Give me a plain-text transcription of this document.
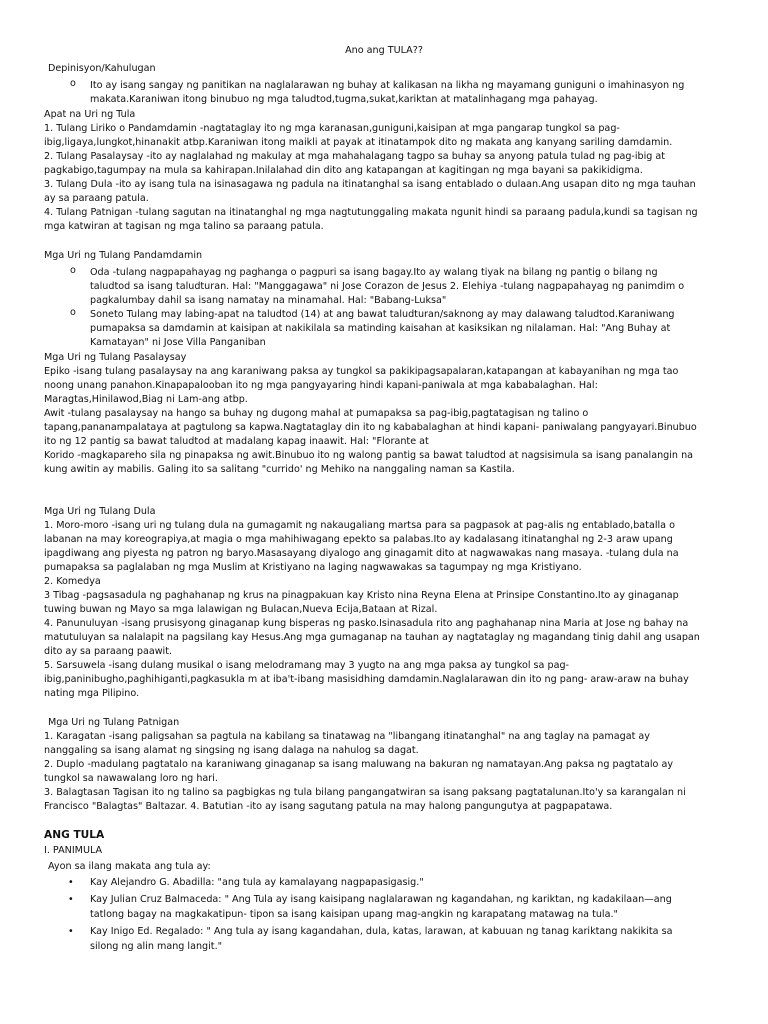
Ano ang TULA??
Depinisyon/Kahulugan
o Ito ay isang sangay ng panitikan na naglalarawan ng buhay at kalikasan na likha ng mayamang guniguni o imahinasyon ng
makata.Karaniwan itong binubuo ng mga taludtod,tugma,sukat,kariktan at matalinhagang mga pahayag.
Apat na Uri ng Tula
1. Tulang Liriko o Pandamdamin -nagtataglay ito ng mga karanasan,guniguni,kaisipan at mga pangarap tungkol sa pag-
ibig,ligaya,lungkot,hinanakit atbp.Karaniwan itong maikli at payak at itinatampok dito ng makata ang kanyang sariling damdamin.
2. Tulang Pasalaysay -ito ay naglalahad ng makulay at mga mahahalagang tagpo sa buhay sa anyong patula tulad ng pag-ibig at
pagkabigo,tagumpay na mula sa kahirapan.Inilalahad din dito ang katapangan at kagitingan ng mga bayani sa pakikidigma.
3. Tulang Dula -ito ay isang tula na isinasagawa ng padula na itinatanghal sa isang entablado o dulaan.Ang usapan dito ng mga tauhan
ay sa paraang patula.
4. Tulang Patnigan -tulang sagutan na itinatanghal ng mga nagtutunggaling makata ngunit hindi sa paraang padula,kundi sa tagisan ng
mga katwiran at tagisan ng mga talino sa paraang patula.
Mga Uri ng Tulang Pandamdamin
o Oda -tulang nagpapahayag ng paghanga o pagpuri sa isang bagay.Ito ay walang tiyak na bilang ng pantig o bilang ng
taludtod sa isang taludturan. Hal: "Manggagawa" ni Jose Corazon de Jesus 2. Elehiya -tulang nagpapahayag ng panimdim o
pagkalumbay dahil sa isang namatay na minamahal. Hal: "Babang-Luksa"
o Soneto Tulang may labing-apat na taludtod (14) at ang bawat taludturan/saknong ay may dalawang taludtod.Karaniwang
pumapaksa sa damdamin at kaisipan at nakikilala sa matinding kaisahan at kasiksikan ng nilalaman. Hal: "Ang Buhay at
Kamatayan" ni Jose Villa Panganiban
Mga Uri ng Tulang Pasalaysay
Epiko -isang tulang pasalaysay na ang karaniwang paksa ay tungkol sa pakikipagsapalaran,katapangan at kabayanihan ng mga tao
noong unang panahon.Kinapapalooban ito ng mga pangyayaring hindi kapani-paniwala at mga kababalaghan. Hal:
Maragtas,Hinilawod,Biag ni Lam-ang atbp.
Awit -tulang pasalaysay na hango sa buhay ng dugong mahal at pumapaksa sa pag-ibig,pagtatagisan ng talino o
tapang,pananampalataya at pagtulong sa kapwa.Nagtataglay din ito ng kababalaghan at hindi kapani- paniwalang pangyayari.Binubuo
ito ng 12 pantig sa bawat taludtod at madalang kapag inaawit. Hal: "Florante at
Korido -magkapareho sila ng pinapaksa ng awit.Binubuo ito ng walong pantig sa bawat taludtod at nagsisimula sa isang panalangin na
kung awitin ay mabilis. Galing ito sa salitang "currido' ng Mehiko na nanggaling naman sa Kastila.
Mga Uri ng Tulang Dula
1. Moro-moro -isang uri ng tulang dula na gumagamit ng nakaugaliang martsa para sa pagpasok at pag-alis ng entablado,batalla o
labanan na may koreograpiya,at magia o mga mahihiwagang epekto sa palabas.Ito ay kadalasang itinatanghal ng 2-3 araw upang
ipagdiwang ang piyesta ng patron ng baryo.Masasayang diyalogo ang ginagamit dito at nagwawakas nang masaya. -tulang dula na
pumapaksa sa paglalaban ng mga Muslim at Kristiyano na laging nagwawakas sa tagumpay ng mga Kristiyano.
2. Komedya
3 Tibag -pagsasadula ng paghahanap ng krus na pinagpakuan kay Kristo nina Reyna Elena at Prinsipe Constantino.Ito ay ginaganap
tuwing buwan ng Mayo sa mga lalawigan ng Bulacan,Nueva Ecija,Bataan at Rizal.
4. Panunuluyan -isang prusisyong ginaganap kung bisperas ng pasko.Isinasadula rito ang paghahanap nina Maria at Jose ng bahay na
matutuluyan sa nalalapit na pagsilang kay Hesus.Ang mga gumaganap na tauhan ay nagtataglay ng magandang tinig dahil ang usapan
dito ay sa paraang paawit.
5. Sarsuwela -isang dulang musikal o isang melodramang may 3 yugto na ang mga paksa ay tungkol sa pag-
ibig,paninibugho,paghihiganti,pagkasukla m at iba't-ibang masisidhing damdamin.Naglalarawan din ito ng pang- araw-araw na buhay
nating mga Pilipino.
Mga Uri ng Tulang Patnigan
1. Karagatan -isang paligsahan sa pagtula na kabilang sa tinatawag na "libangang itinatanghal" na ang taglay na pamagat ay
nanggaling sa isang alamat ng singsing ng isang dalaga na nahulog sa dagat.
2. Duplo -madulang pagtatalo na karaniwang ginaganap sa isang maluwang na bakuran ng namatayan.Ang paksa ng pagtatalo ay
tungkol sa nawawalang loro ng hari.
3. Balagtasan Tagisan ito ng talino sa pagbigkas ng tula bilang pangangatwiran sa isang paksang pagtatalunan.Ito'y sa karangalan ni
Francisco "Balagtas" Baltazar. 4. Batutian -ito ay isang sagutang patula na may halong pangungutya at pagpapatawa.
ANG TULA
I. PANIMULA
Ayon sa ilang makata ang tula ay:
• Kay Alejandro G. Abadilla: "ang tula ay kamalayang nagpapasigasig."
• Kay Julian Cruz Balmaceda: " Ang Tula ay isang kaisipang naglalarawan ng kagandahan, ng kariktan, ng kadakilaan—ang
tatlong bagay na magkakatipun- tipon sa isang kaisipan upang mag-angkin ng karapatang matawag na tula."
• Kay Inigo Ed. Regalado: " Ang tula ay isang kagandahan, dula, katas, larawan, at kabuuan ng tanag kariktang nakikita sa
silong ng alin mang langit."
